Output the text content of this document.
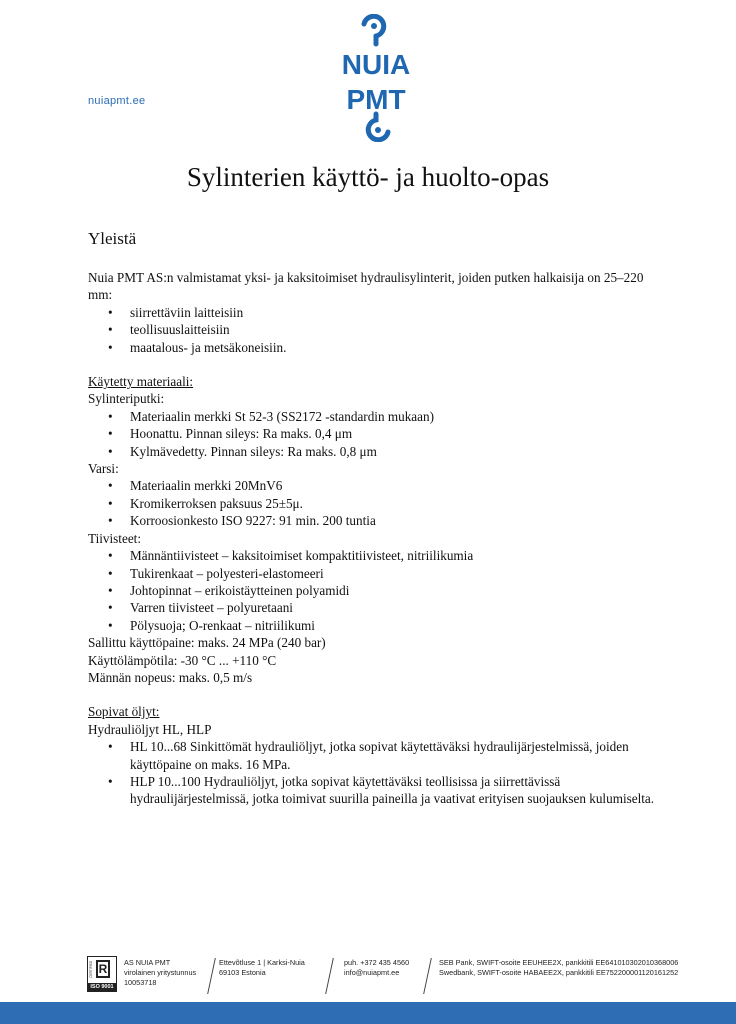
nuiapmt.ee
NUIA
PMT
Sylinterien käyttö- ja huolto-opas
Yleistä

Nuia PMT AS:n valmistamat yksi- ja kaksitoimiset hydraulisylinterit, joiden putken halkaisija on 25–220 mm:

• siirrettäviin laitteisiin
• teollisuuslaitteisiin
• maatalous- ja metsäkoneisiin.

Käytetty materiaali:

Sylinteriputki:

• Materiaalin merkki St 52-3 (SS2172 -standardin mukaan)
• Hoonattu. Pinnan sileys: Ra maks. 0,4 μm
• Kylmävedetty. Pinnan sileys: Ra maks. 0,8 μm

Varsi:

• Materiaalin merkki 20MnV6
• Kromikerroksen paksuus 25±5μ.
• Korroosionkesto ISO 9227: 91 min. 200 tuntia

Tiivisteet:

• Männäntiivisteet – kaksitoimiset kompaktitiivisteet, nitriilikumia
• Tukirenkaat – polyesteri-elastomeeri
• Johtopinnat – erikoistäytteinen polyamidi
• Varren tiivisteet – polyuretaani
• Pölysuoja; O-renkaat – nitriilikumi

Sallittu käyttöpaine: maks. 24 MPa (240 bar)

Käyttölämpötila: -30 °C ... +110 °C

Männän nopeus: maks. 0,5 m/s

Sopivat öljyt:

Hydrauliöljyt HL, HLP

• HL 10...68 Sinkittömät hydrauliöljyt, jotka sopivat käytettäväksi hydraulijärjestelmissä, joiden käyttöpaine on maks. 16 MPa.
• HLP 10...100 Hydrauliöljyt, jotka sopivat käytettäväksi teollisissa ja siirrettävissä hydraulijärjestelmissä, jotka toimivat suurilla paineilla ja vaativat erityisen suojauksen kulumiselta.
CERTIFIED R
ISO 9001
AS NUIA PMT
virolainen yritystunnus
10053718
Ettevõtluse 1 | Karksi-Nuia
69103 Estonia
puh. +372 435 4560
info@nuiapmt.ee
SEB Pank, SWIFT-osoite EEUHEE2X, pankkitili EE641010302010368006
Swedbank, SWIFT-osoite HABAEE2X, pankkitili EE752200001120161252
